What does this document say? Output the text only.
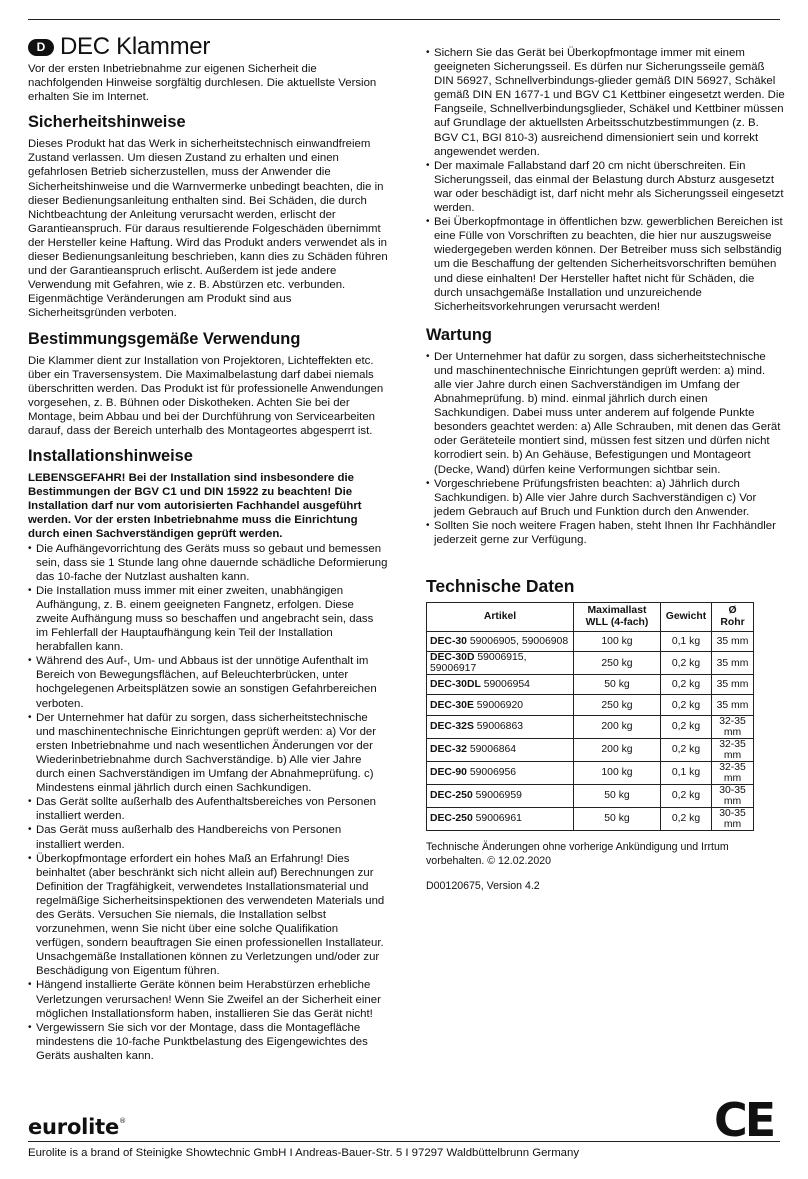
D DEC Klammer

Vor der ersten Inbetriebnahme zur eigenen Sicherheit die nachfolgenden Hinweise sorgfältig durchlesen. Die aktuellste Version erhalten Sie im Internet.

Sicherheitshinweise

Dieses Produkt hat das Werk in sicherheitstechnisch einwandfreiem Zustand verlassen. Um diesen Zustand zu erhalten und einen gefahrlosen Betrieb sicherzustellen, muss der Anwender die Sicherheitshinweise und die Warnvermerke unbedingt beachten, die in dieser Bedienungsanleitung enthalten sind. Bei Schäden, die durch Nichtbeachtung der Anleitung verursacht werden, erlischt der Garantieanspruch. Für daraus resultierende Folgeschäden übernimmt der Hersteller keine Haftung. Wird das Produkt anders verwendet als in dieser Bedienungsanleitung beschrieben, kann dies zu Schäden führen und der Garantieanspruch erlischt. Außerdem ist jede andere Verwendung mit Gefahren, wie z. B. Abstürzen etc. verbunden. Eigenmächtige Veränderungen am Produkt sind aus Sicherheitsgründen verboten.

Bestimmungsgemäße Verwendung

Die Klammer dient zur Installation von Projektoren, Lichteffekten etc. über ein Traversensystem. Die Maximalbelastung darf dabei niemals überschritten werden. Das Produkt ist für professionelle Anwendungen vorgesehen, z. B. Bühnen oder Diskotheken. Achten Sie bei der Montage, beim Abbau und bei der Durchführung von Servicearbeiten darauf, dass der Bereich unterhalb des Montageortes abgesperrt ist.

Installationshinweise

LEBENSGEFAHR! Bei der Installation sind insbesondere die Bestimmungen der BGV C1 und DIN 15922 zu beachten! Die Installation darf nur vom autorisierten Fachhandel ausgeführt werden. Vor der ersten Inbetriebnahme muss die Einrichtung durch einen Sachverständigen geprüft werden.

• Die Aufhängevorrichtung des Geräts muss so gebaut und bemessen sein, dass sie 1 Stunde lang ohne dauernde schädliche Deformierung das 10-fache der Nutzlast aushalten kann.
• Die Installation muss immer mit einer zweiten, unabhängigen Aufhängung, z. B. einem geeigneten Fangnetz, erfolgen. Diese zweite Aufhängung muss so beschaffen und angebracht sein, dass im Fehlerfall der Hauptaufhängung kein Teil der Installation herabfallen kann.
• Während des Auf-, Um- und Abbaus ist der unnötige Aufenthalt im Bereich von Bewegungsflächen, auf Beleuchterbrücken, unter hochgelegenen Arbeitsplätzen sowie an sonstigen Gefahrbereichen verboten.
• Der Unternehmer hat dafür zu sorgen, dass sicherheitstechnische und maschinentechnische Einrichtungen geprüft werden: a) Vor der ersten Inbetriebnahme und nach wesentlichen Änderungen vor der Wiederinbetriebnahme durch Sachverständige. b) Alle vier Jahre durch einen Sachverständigen im Umfang der Abnahmeprüfung. c) Mindestens einmal jährlich durch einen Sachkundigen.
• Das Gerät sollte außerhalb des Aufenthaltsbereiches von Personen installiert werden.
• Das Gerät muss außerhalb des Handbereichs von Personen installiert werden.
• Überkopfmontage erfordert ein hohes Maß an Erfahrung! Dies beinhaltet (aber beschränkt sich nicht allein auf) Berechnungen zur Definition der Tragfähigkeit, verwendetes Installationsmaterial und regelmäßige Sicherheitsinspektionen des verwendeten Materials und des Geräts. Versuchen Sie niemals, die Installation selbst vorzunehmen, wenn Sie nicht über eine solche Qualifikation verfügen, sondern beauftragen Sie einen professionellen Installateur. Unsachgemäße Installationen können zu Verletzungen und/oder zur Beschädigung von Eigentum führen.
• Hängend installierte Geräte können beim Herabstürzen erhebliche Verletzungen verursachen! Wenn Sie Zweifel an der Sicherheit einer möglichen Installationsform haben, installieren Sie das Gerät nicht!
• Vergewissern Sie sich vor der Montage, dass die Montagefläche mindestens die 10-fache Punktbelastung des Eigengewichtes des Geräts aushalten kann.
• Sichern Sie das Gerät bei Überkopfmontage immer mit einem geeigneten Sicherungsseil. Es dürfen nur Sicherungsseile gemäß DIN 56927, Schnellverbindungs-glieder gemäß DIN 56927, Schäkel gemäß DIN EN 1677-1 und BGV C1 Kettbiner eingesetzt werden. Die Fangseile, Schnellverbindungsglieder, Schäkel und Kettbiner müssen auf Grundlage der aktuellsten Arbeitsschutzbestimmungen (z. B. BGV C1, BGI 810-3) ausreichend dimensioniert sein und korrekt angewendet werden.
• Der maximale Fallabstand darf 20 cm nicht überschreiten. Ein Sicherungsseil, das einmal der Belastung durch Absturz ausgesetzt war oder beschädigt ist, darf nicht mehr als Sicherungsseil eingesetzt werden.
• Bei Überkopfmontage in öffentlichen bzw. gewerblichen Bereichen ist eine Fülle von Vorschriften zu beachten, die hier nur auszugsweise wiedergegeben werden können. Der Betreiber muss sich selbständig um die Beschaffung der geltenden Sicherheitsvorschriften bemühen und diese einhalten! Der Hersteller haftet nicht für Schäden, die durch unsachgemäße Installation und unzureichende Sicherheitsvorkehrungen verursacht werden!
Wartung
• Der Unternehmer hat dafür zu sorgen, dass sicherheitstechnische und maschinentechnische Einrichtungen geprüft werden: a) mind. alle vier Jahre durch einen Sachverständigen im Umfang der Abnahmeprüfung. b) mind. einmal jährlich durch einen Sachkundigen. Dabei muss unter anderem auf folgende Punkte besonders geachtet werden: a) Alle Schrauben, mit denen das Gerät oder Geräteteile montiert sind, müssen fest sitzen und dürfen nicht korrodiert sein. b) An Gehäuse, Befestigungen und Montageort (Decke, Wand) dürfen keine Verformungen sichtbar sein.
• Vorgeschriebene Prüfungsfristen beachten: a) Jährlich durch Sachkundigen. b) Alle vier Jahre durch Sachverständigen c) Vor jedem Gebrauch auf Bruch und Funktion durch den Anwender.
• Sollten Sie noch weitere Fragen haben, steht Ihnen Ihr Fachhändler jederzeit gerne zur Verfügung.
Technische Daten
Artikel	Maximallast WLL (4-fach)	Gewicht	Ø Rohr
DEC-30 59006905, 59006908	100 kg	0,1 kg	35 mm
DEC-30D 59006915, 59006917	250 kg	0,2 kg	35 mm
DEC-30DL 59006954	50 kg	0,2 kg	35 mm
DEC-30E 59006920	250 kg	0,2 kg	35 mm
DEC-32S 59006863	200 kg	0,2 kg	32-35 mm
DEC-32 59006864	200 kg	0,2 kg	32-35 mm
DEC-90 59006956	100 kg	0,1 kg	32-35 mm
DEC-250 59006959	50 kg	0,2 kg	30-35 mm
DEC-250 59006961	50 kg	0,2 kg	30-35 mm

Technische Änderungen ohne vorherige Ankündigung und Irrtum vorbehalten. © 12.02.2020

D00120675, Version 4.2

eurolite®	CE
Eurolite is a brand of Steinigke Showtechnic GmbH I Andreas-Bauer-Str. 5 I 97297 Waldbüttelbrunn Germany
